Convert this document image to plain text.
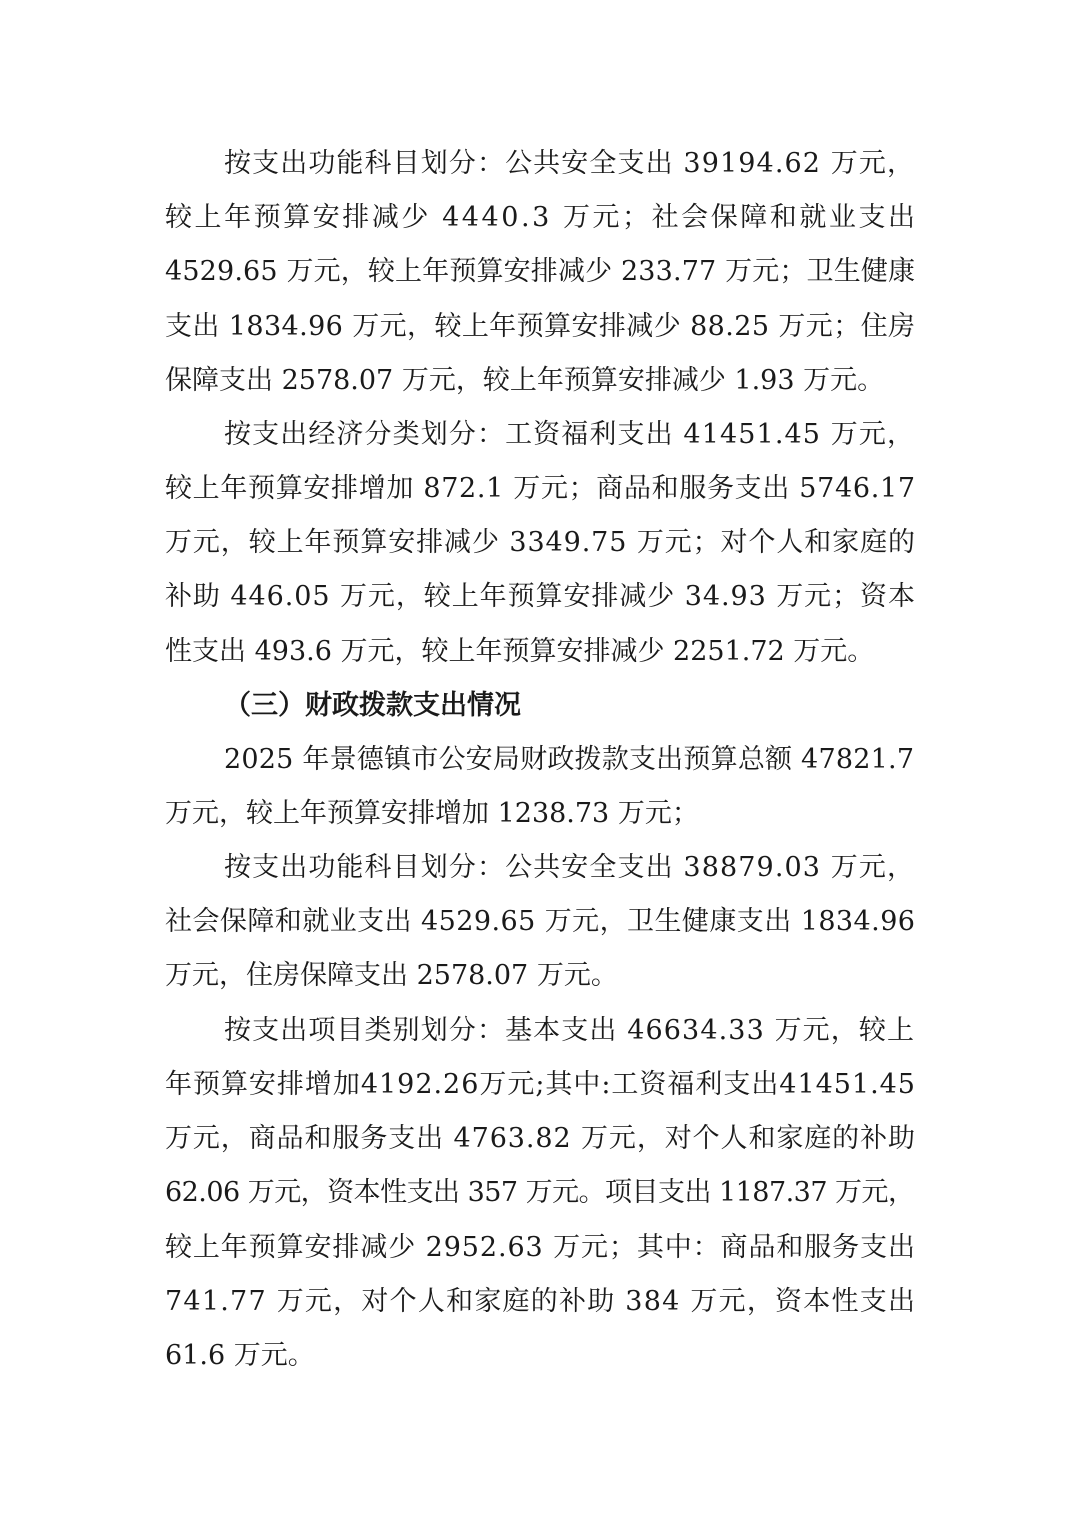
按支出功能科目划分：公共安全支出 39194.62 万元，
较上年预算安排减少 4440.3 万元；社会保障和就业支出
4529.65 万元，较上年预算安排减少 233.77 万元；卫生健康
支出 1834.96 万元，较上年预算安排减少 88.25 万元；住房
保障支出 2578.07 万元，较上年预算安排减少 1.93 万元。
按支出经济分类划分：工资福利支出 41451.45 万元，
较上年预算安排增加 872.1 万元；商品和服务支出 5746.17
万元，较上年预算安排减少 3349.75 万元；对个人和家庭的
补助 446.05 万元，较上年预算安排减少 34.93 万元；资本
性支出 493.6 万元，较上年预算安排减少 2251.72 万元。
（三）财政拨款支出情况
2025 年景德镇市公安局财政拨款支出预算总额 47821.7
万元，较上年预算安排增加 1238.73 万元；
按支出功能科目划分：公共安全支出 38879.03 万元，
社会保障和就业支出 4529.65 万元，卫生健康支出 1834.96
万元，住房保障支出 2578.07 万元。
按支出项目类别划分：基本支出 46634.33 万元，较上
年预算安排增加4192.26万元;其中:工资福利支出41451.45
万元，商品和服务支出 4763.82 万元，对个人和家庭的补助
62.06 万元，资本性支出 357 万元。项目支出 1187.37 万元，
较上年预算安排减少 2952.63 万元；其中：商品和服务支出
741.77 万元，对个人和家庭的补助 384 万元，资本性支出
61.6 万元。
